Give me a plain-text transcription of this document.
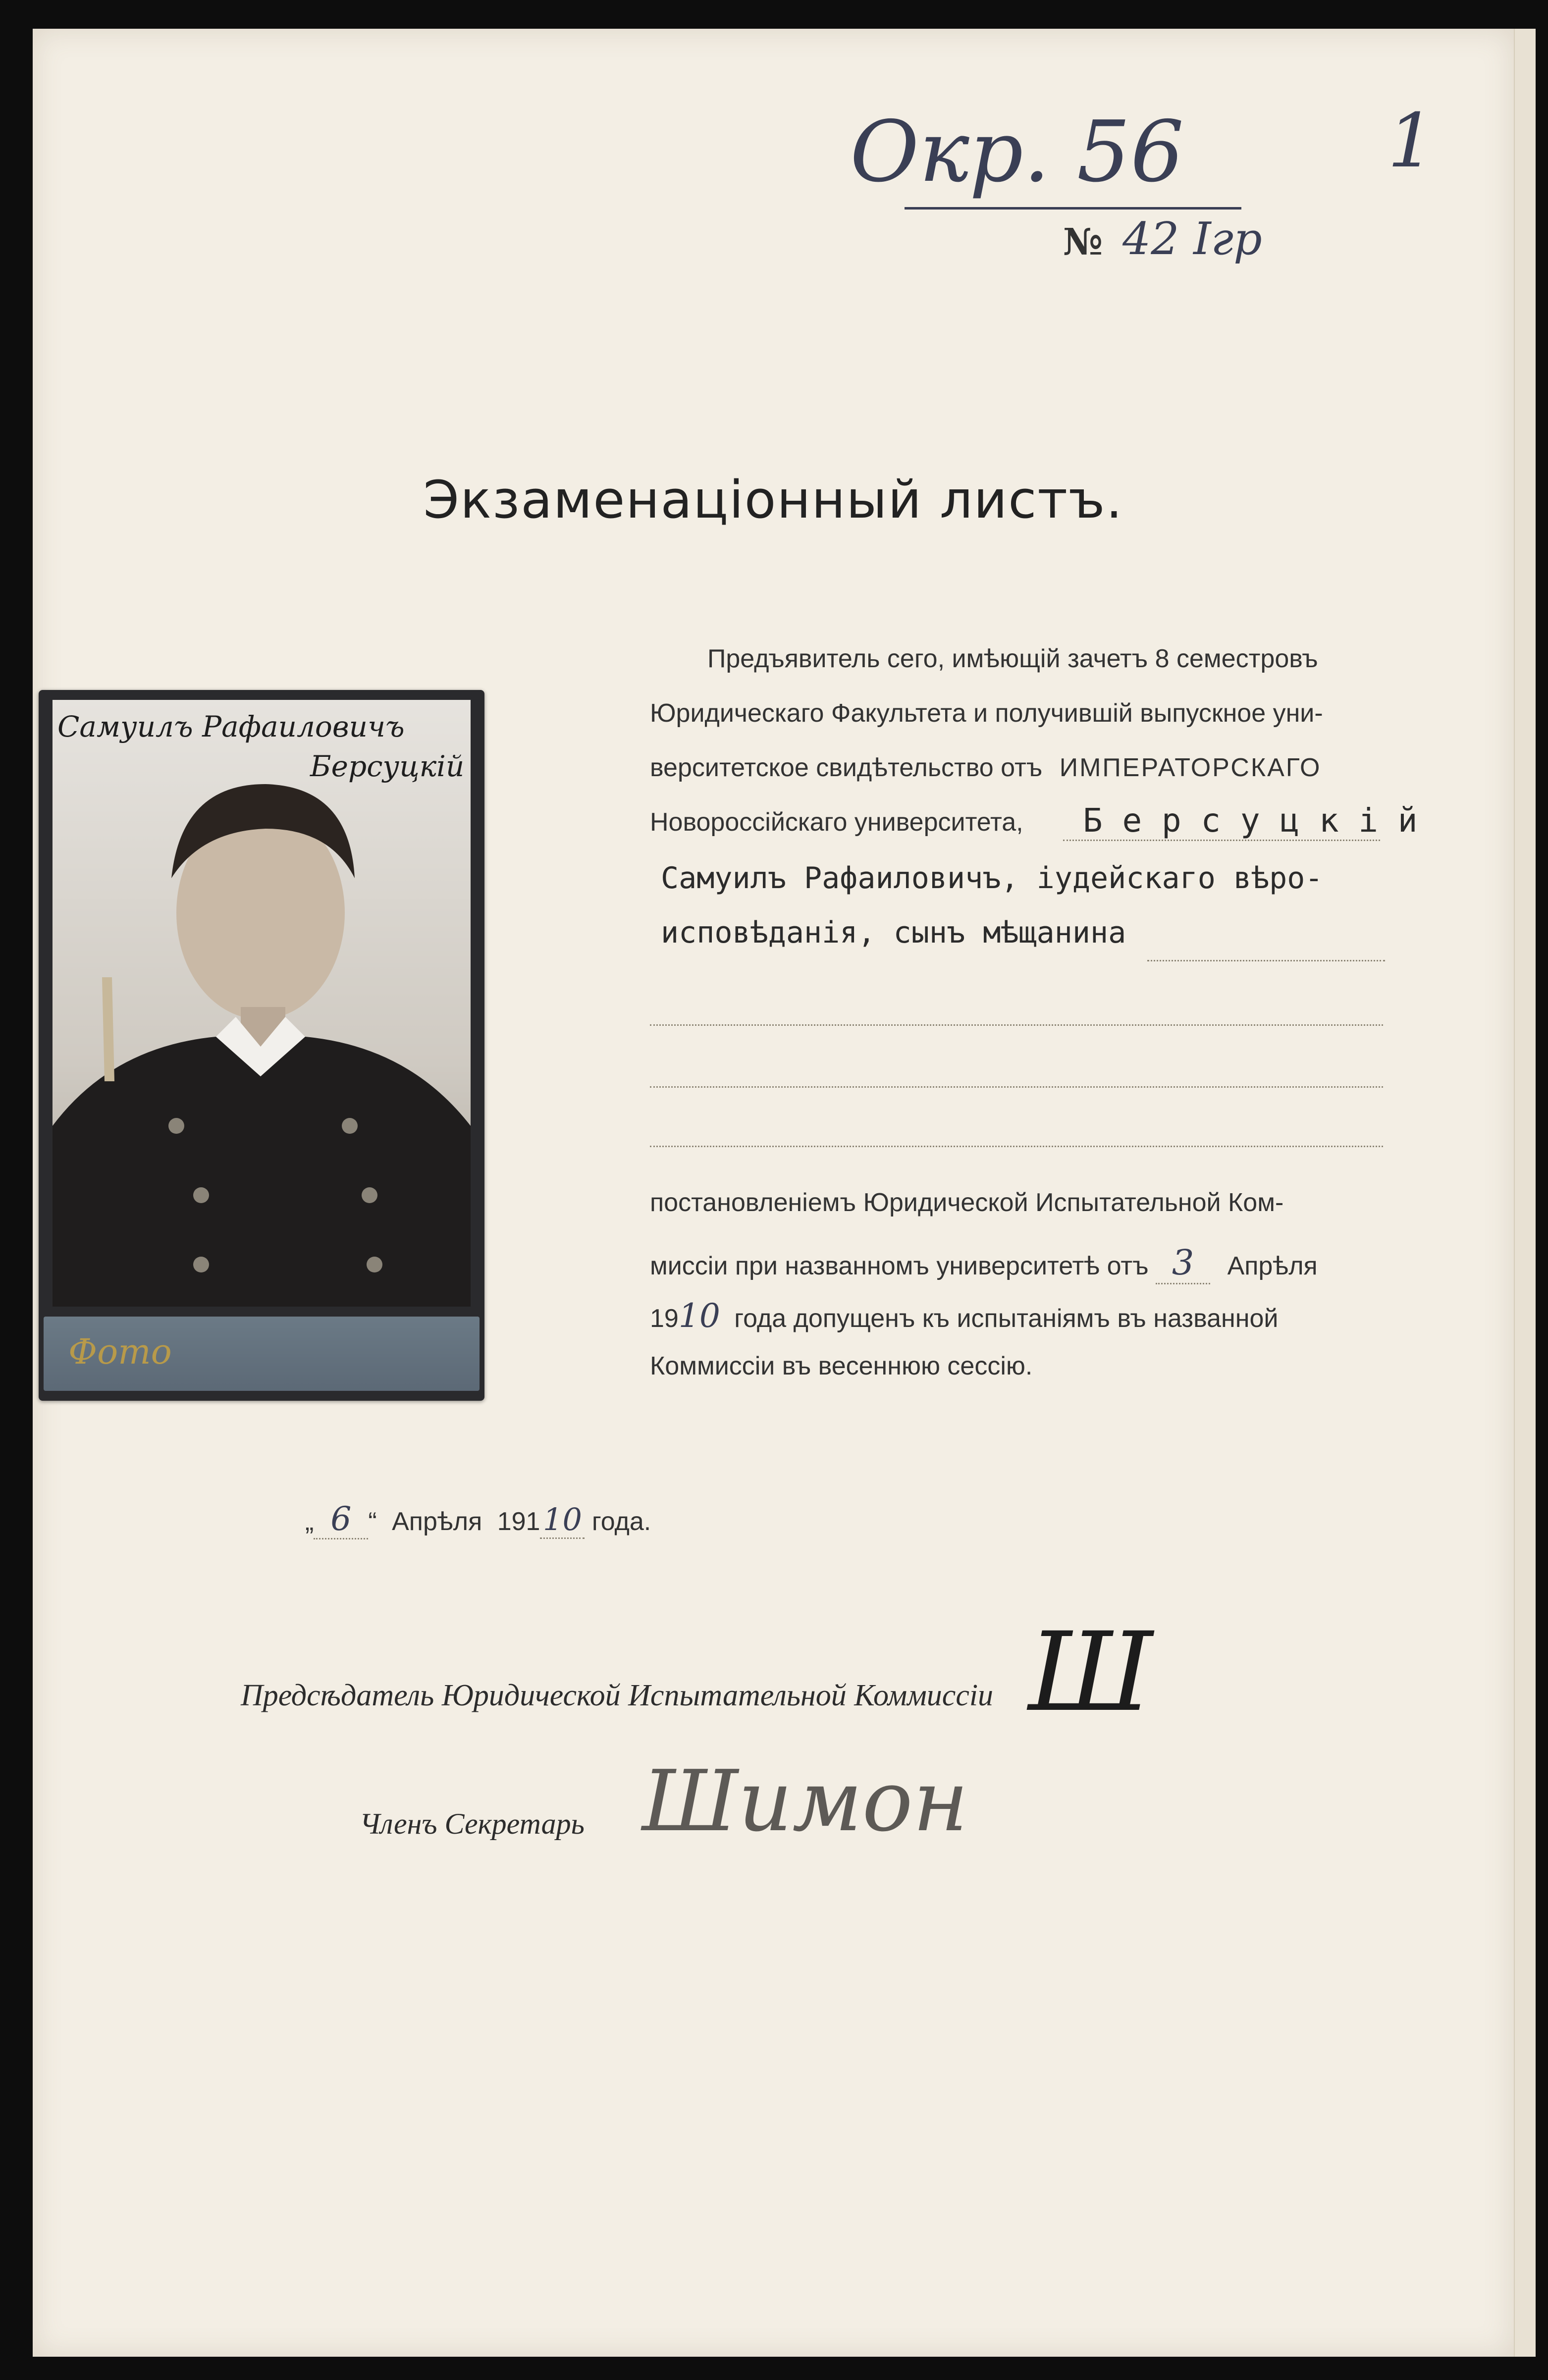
Окр. 56	1
№ 42 Iгр
Экзаменацiонный листъ.
Самуилъ Рафаиловичъ
Берсуцкiй
Фото
Предъявитель сего, имѣющiй зачетъ 8 семестровъ
Юридическаго Факультета и получившiй выпускное уни-
верситетское свидѣтельство отъ ИМПЕРАТОРСКАГО
Новороссiйскаго университета,	Б е р с у ц к i й
Самуилъ Рафаиловичъ, iудейскаго вѣро-
исповѣданiя, сынъ мѣщанина
постановленiемъ Юридической Испытательной Ком-
миссiи при названномъ университетѣ отъ 3 Апрѣля
1910 года допущенъ къ испытанiямъ въ названной
Коммиссiи въ весеннюю сессiю.
„ 6 “ Апрѣля 19110 года.
Предсѣдатель Юридической Испытательной Коммиссiи Ш
Членъ Секретарь Шимон
